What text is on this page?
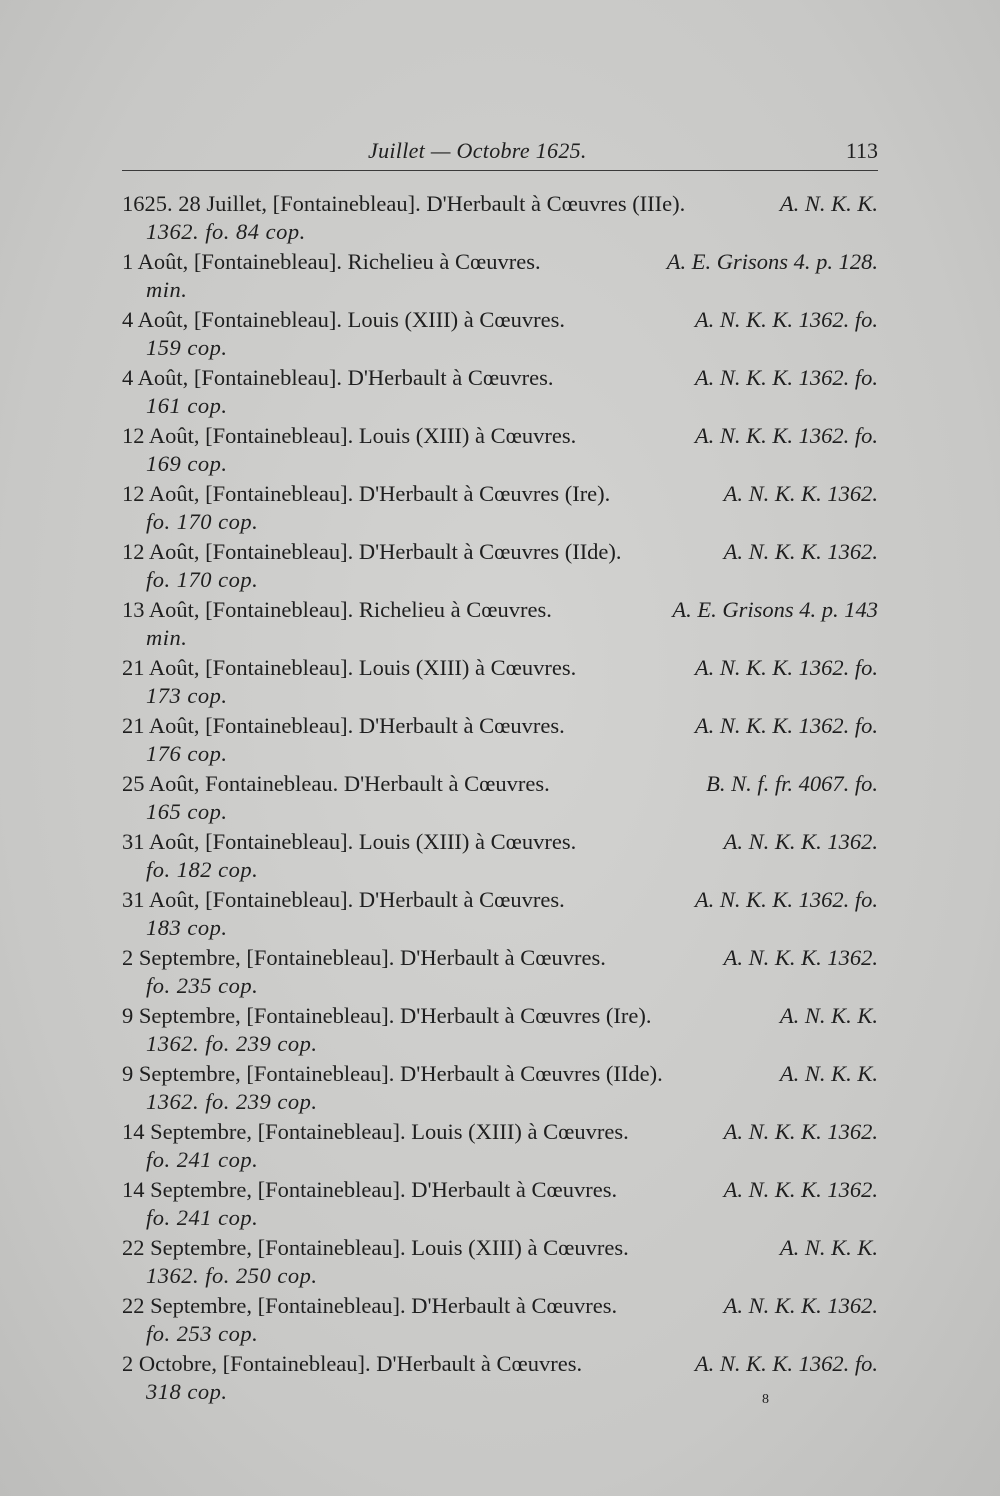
Juillet — Octobre 1625.	113
1625. 28 Juillet, [Fontainebleau]. D'Herbault à Cœuvres (IIIe).	A. N. K. K.
1362. fo. 84 cop.
1 Août, [Fontainebleau]. Richelieu à Cœuvres.	A. E. Grisons 4. p. 128.
min.
4 Août, [Fontainebleau]. Louis (XIII) à Cœuvres.	A. N. K. K. 1362. fo.
159 cop.
4 Août, [Fontainebleau]. D'Herbault à Cœuvres.	A. N. K. K. 1362. fo.
161 cop.
12 Août, [Fontainebleau]. Louis (XIII) à Cœuvres.	A. N. K. K. 1362. fo.
169 cop.
12 Août, [Fontainebleau]. D'Herbault à Cœuvres (Ire).	A. N. K. K. 1362.
fo. 170 cop.
12 Août, [Fontainebleau]. D'Herbault à Cœuvres (IIde).	A. N. K. K. 1362.
fo. 170 cop.
13 Août, [Fontainebleau]. Richelieu à Cœuvres.	A. E. Grisons 4. p. 143
min.
21 Août, [Fontainebleau]. Louis (XIII) à Cœuvres.	A. N. K. K. 1362. fo.
173 cop.
21 Août, [Fontainebleau]. D'Herbault à Cœuvres.	A. N. K. K. 1362. fo.
176 cop.
25 Août, Fontainebleau. D'Herbault à Cœuvres.	B. N. f. fr. 4067. fo.
165 cop.
31 Août, [Fontainebleau]. Louis (XIII) à Cœuvres.	A. N. K. K. 1362.
fo. 182 cop.
31 Août, [Fontainebleau]. D'Herbault à Cœuvres.	A. N. K. K. 1362. fo.
183 cop.
2 Septembre, [Fontainebleau]. D'Herbault à Cœuvres.	A. N. K. K. 1362.
fo. 235 cop.
9 Septembre, [Fontainebleau]. D'Herbault à Cœuvres (Ire).	A. N. K. K.
1362. fo. 239 cop.
9 Septembre, [Fontainebleau]. D'Herbault à Cœuvres (IIde).	A. N. K. K.
1362. fo. 239 cop.
14 Septembre, [Fontainebleau]. Louis (XIII) à Cœuvres.	A. N. K. K. 1362.
fo. 241 cop.
14 Septembre, [Fontainebleau]. D'Herbault à Cœuvres.	A. N. K. K. 1362.
fo. 241 cop.
22 Septembre, [Fontainebleau]. Louis (XIII) à Cœuvres.	A. N. K. K.
1362. fo. 250 cop.
22 Septembre, [Fontainebleau]. D'Herbault à Cœuvres.	A. N. K. K. 1362.
fo. 253 cop.
2 Octobre, [Fontainebleau]. D'Herbault à Cœuvres.	A. N. K. K. 1362. fo.
318 cop.	8
